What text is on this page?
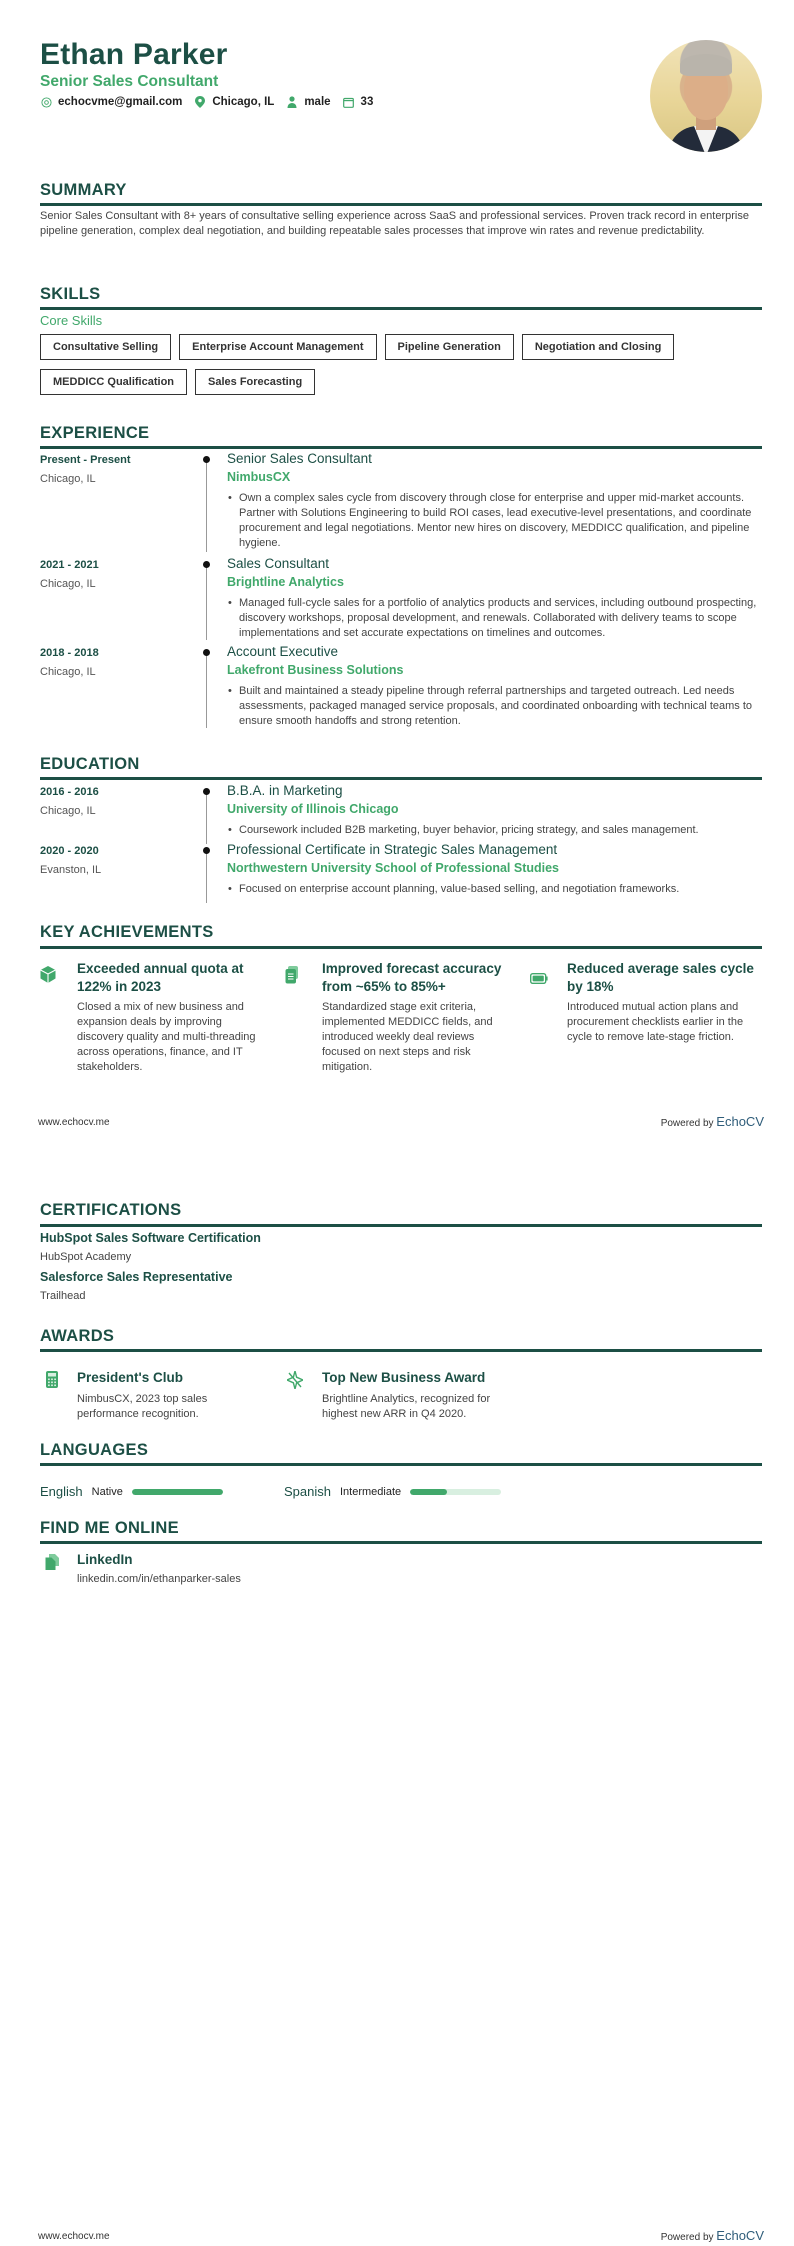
Ethan Parker
Senior Sales Consultant
echocvme@gmail.com	Chicago, IL	male	33
SUMMARY
Senior Sales Consultant with 8+ years of consultative selling experience across SaaS and professional services. Proven track record in enterprise pipeline generation, complex deal negotiation, and building repeatable sales processes that improve win rates and revenue predictability.
SKILLS
Core Skills
Consultative Selling	Enterprise Account Management	Pipeline Generation	Negotiation and Closing
MEDDICC Qualification	Sales Forecasting
EXPERIENCE
Present - Present
Chicago, IL
Senior Sales Consultant
NimbusCX
• Own a complex sales cycle from discovery through close for enterprise and upper mid-market accounts. Partner with Solutions Engineering to build ROI cases, lead executive-level presentations, and coordinate procurement and legal negotiations. Mentor new hires on discovery, MEDDICC qualification, and pipeline hygiene.
2021 - 2021
Chicago, IL
Sales Consultant
Brightline Analytics
• Managed full-cycle sales for a portfolio of analytics products and services, including outbound prospecting, discovery workshops, proposal development, and renewals. Collaborated with delivery teams to scope implementations and set accurate expectations on timelines and outcomes.
2018 - 2018
Chicago, IL
Account Executive
Lakefront Business Solutions
• Built and maintained a steady pipeline through referral partnerships and targeted outreach. Led needs assessments, packaged managed service proposals, and coordinated onboarding with technical teams to ensure smooth handoffs and strong retention.
EDUCATION
2016 - 2016
Chicago, IL
B.B.A. in Marketing
University of Illinois Chicago
• Coursework included B2B marketing, buyer behavior, pricing strategy, and sales management.
2020 - 2020
Evanston, IL
Professional Certificate in Strategic Sales Management
Northwestern University School of Professional Studies
• Focused on enterprise account planning, value-based selling, and negotiation frameworks.
KEY ACHIEVEMENTS
Exceeded annual quota at 122% in 2023
Closed a mix of new business and expansion deals by improving discovery quality and multi-threading across operations, finance, and IT stakeholders.
Improved forecast accuracy from ~65% to 85%+
Standardized stage exit criteria, implemented MEDDICC fields, and introduced weekly deal reviews focused on next steps and risk mitigation.
Reduced average sales cycle by 18%
Introduced mutual action plans and procurement checklists earlier in the cycle to remove late-stage friction.
www.echocv.me	Powered by EchoCV
CERTIFICATIONS
HubSpot Sales Software Certification
HubSpot Academy
Salesforce Sales Representative
Trailhead
AWARDS
President's Club
NimbusCX, 2023 top sales performance recognition.
Top New Business Award
Brightline Analytics, recognized for highest new ARR in Q4 2020.
LANGUAGES
English Native	Spanish Intermediate
FIND ME ONLINE
LinkedIn
linkedin.com/in/ethanparker-sales
www.echocv.me	Powered by EchoCV
